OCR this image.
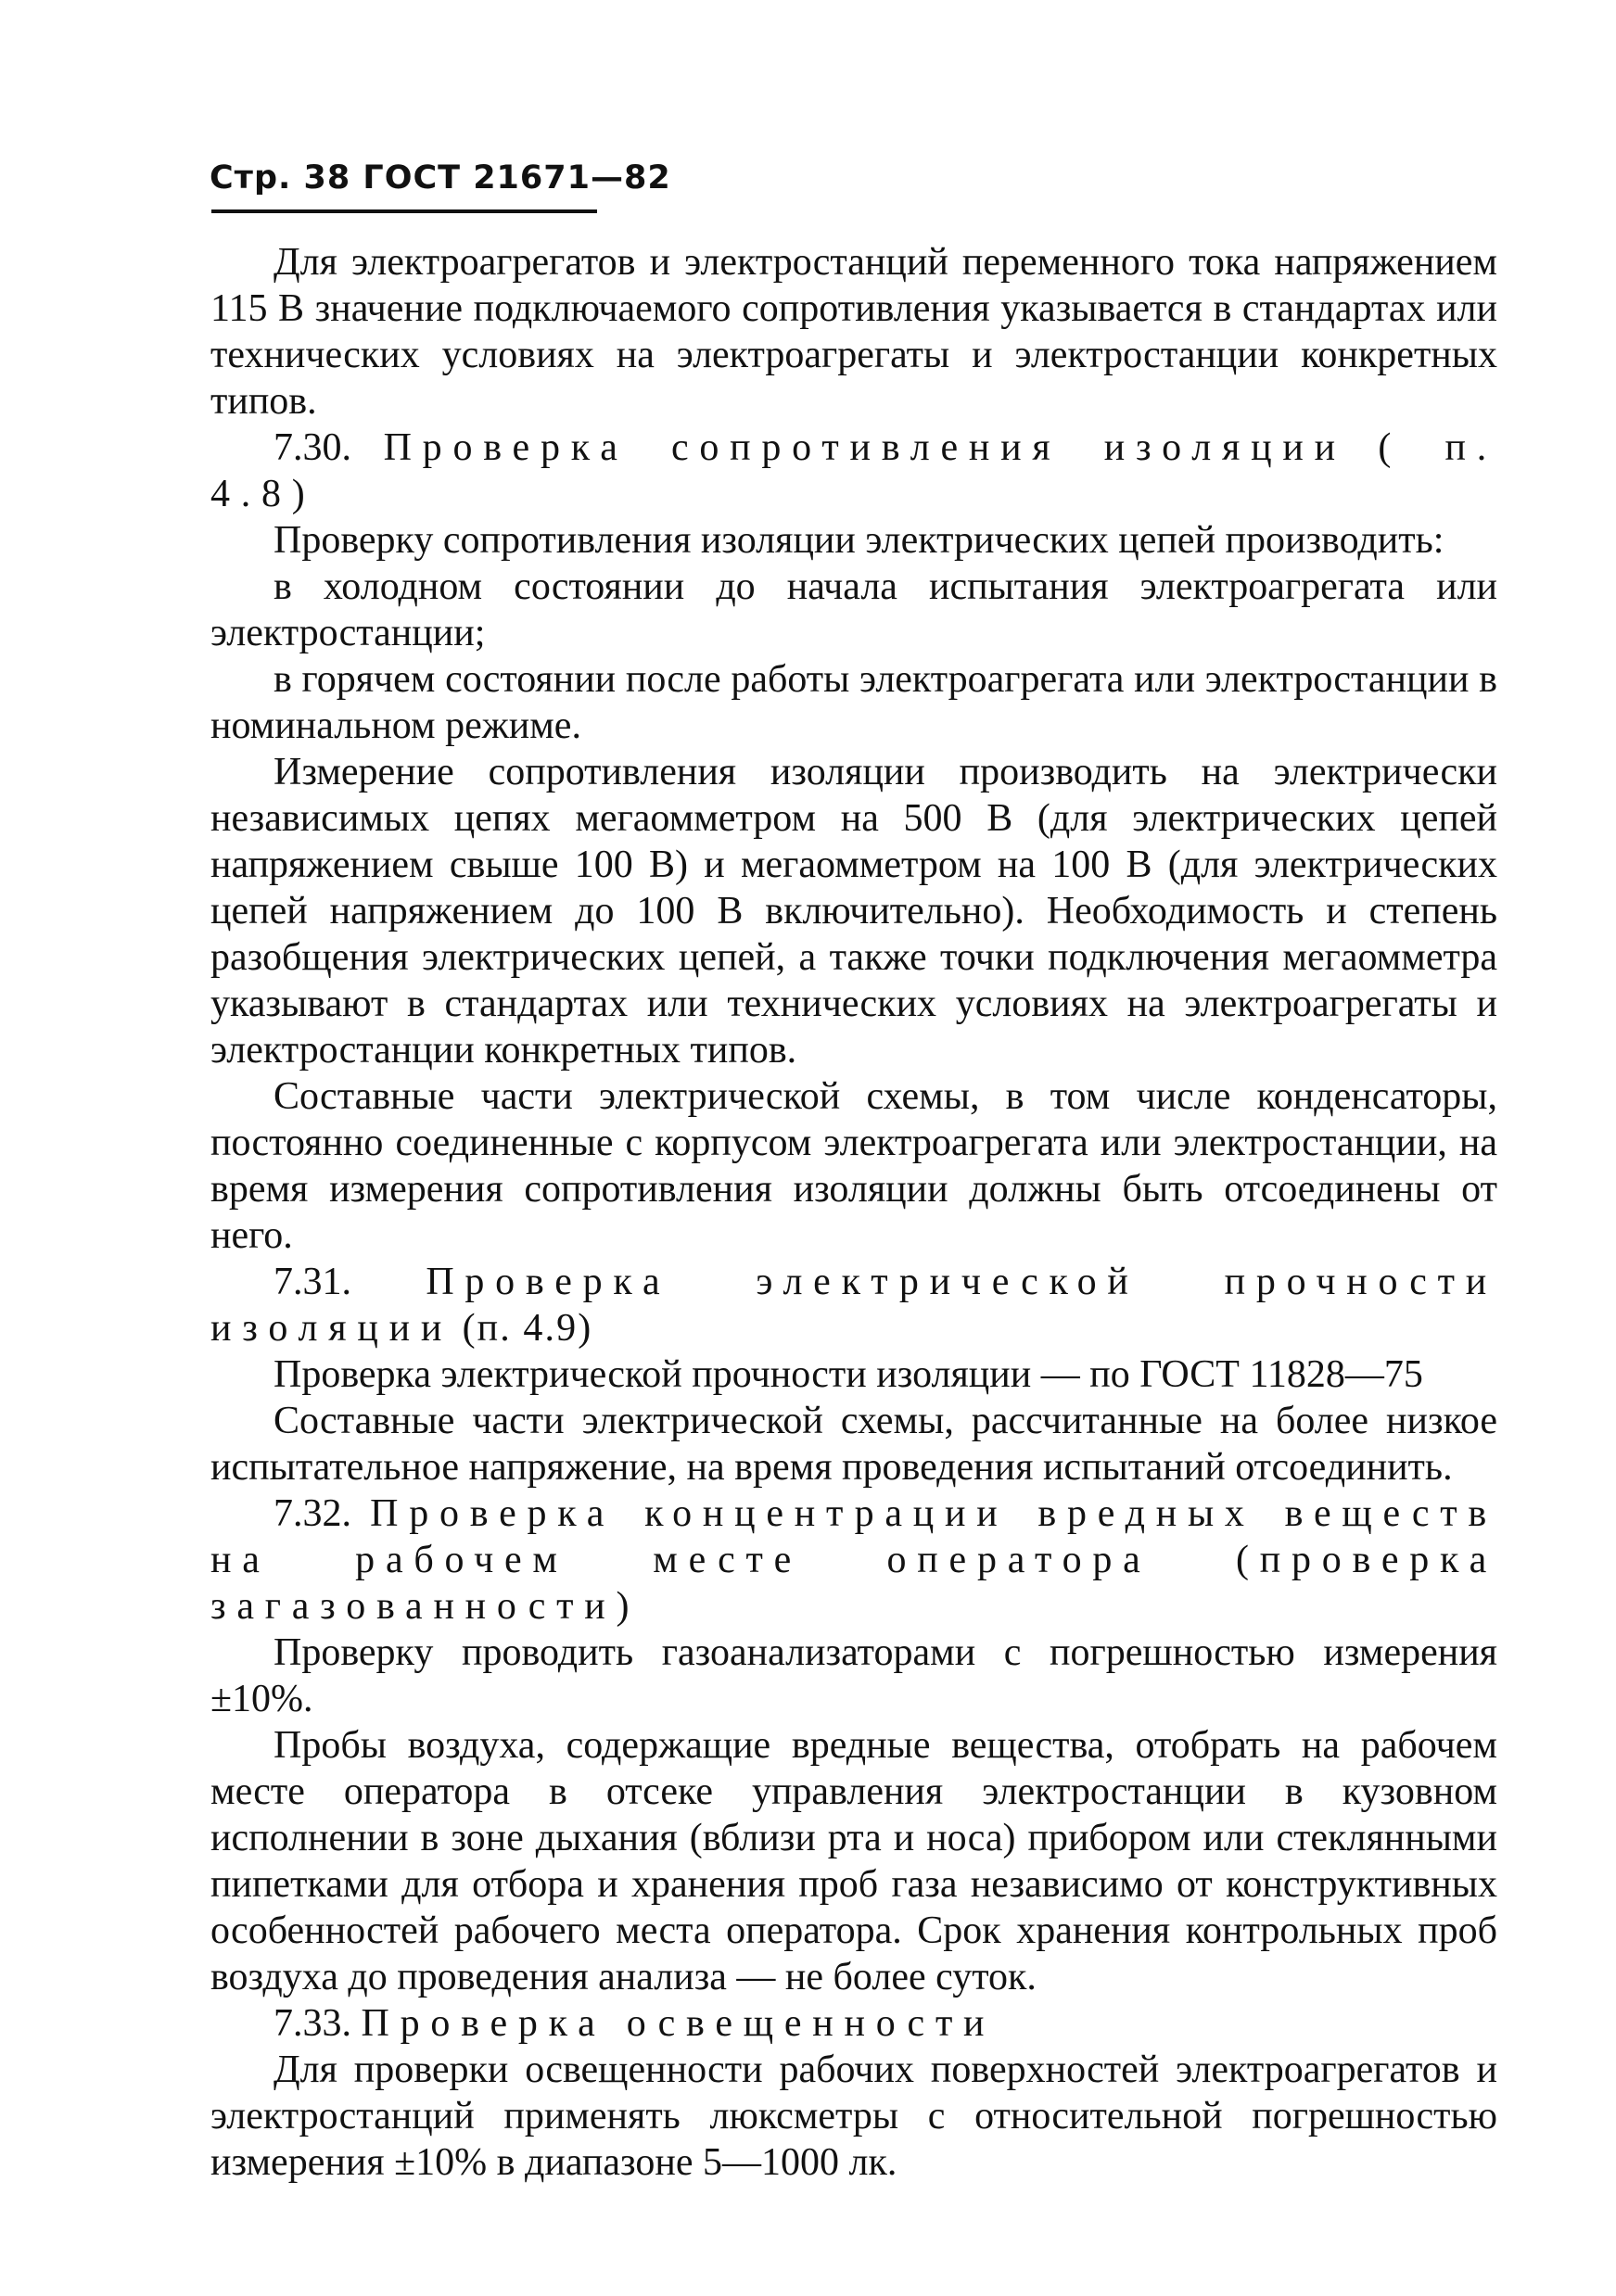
Стр. 38 ГОСТ 21671—82

Для электроагрегатов и электростанций переменного тока напряжением 115 В значение подключаемого сопротивления указывается в стандартах или технических условиях на электроагрегаты и электростанции конкретных типов.

7.30. Проверка сопротивления изоляции ( п. 4.8)

Проверку сопротивления изоляции электрических цепей производить:

в холодном состоянии до начала испытания электроагрегата или электростанции;

в горячем состоянии после работы электроагрегата или электростанции в номинальном режиме.

Измерение сопротивления изоляции производить на электрически независимых цепях мегаомметром на 500 В (для электрических цепей напряжением свыше 100 В) и мегаомметром на 100 В (для электрических цепей напряжением до 100 В включительно). Необходимость и степень разобщения электрических цепей, а также точки подключения мегаомметра указывают в стандартах или технических условиях на электроагрегаты и электростанции конкретных типов.

Составные части электрической схемы, в том числе конденсаторы, постоянно соединенные с корпусом электроагрегата или электростанции, на время измерения сопротивления изоляции должны быть отсоединены от него.

7.31. Проверка электрической прочности изоляции (п. 4.9)

Проверка электрической прочности изоляции — по ГОСТ 11828—75

Составные части электрической схемы, рассчитанные на более низкое испытательное напряжение, на время проведения испытаний отсоединить.

7.32. Проверка концентрации вредных веществ на рабочем месте оператора (проверка загазованности)

Проверку проводить газоанализаторами с погрешностью измерения ±10%.

Пробы воздуха, содержащие вредные вещества, отобрать на рабочем месте оператора в отсеке управления электростанции в кузовном исполнении в зоне дыхания (вблизи рта и носа) прибором или стеклянными пипетками для отбора и хранения проб газа независимо от конструктивных особенностей рабочего места оператора. Срок хранения контрольных проб воздуха до проведения анализа — не более суток.

7.33. Проверка освещенности

Для проверки освещенности рабочих поверхностей электроагрегатов и электростанций применять люксметры с относительной погрешностью измерения ±10% в диапазоне 5—1000 лк.
